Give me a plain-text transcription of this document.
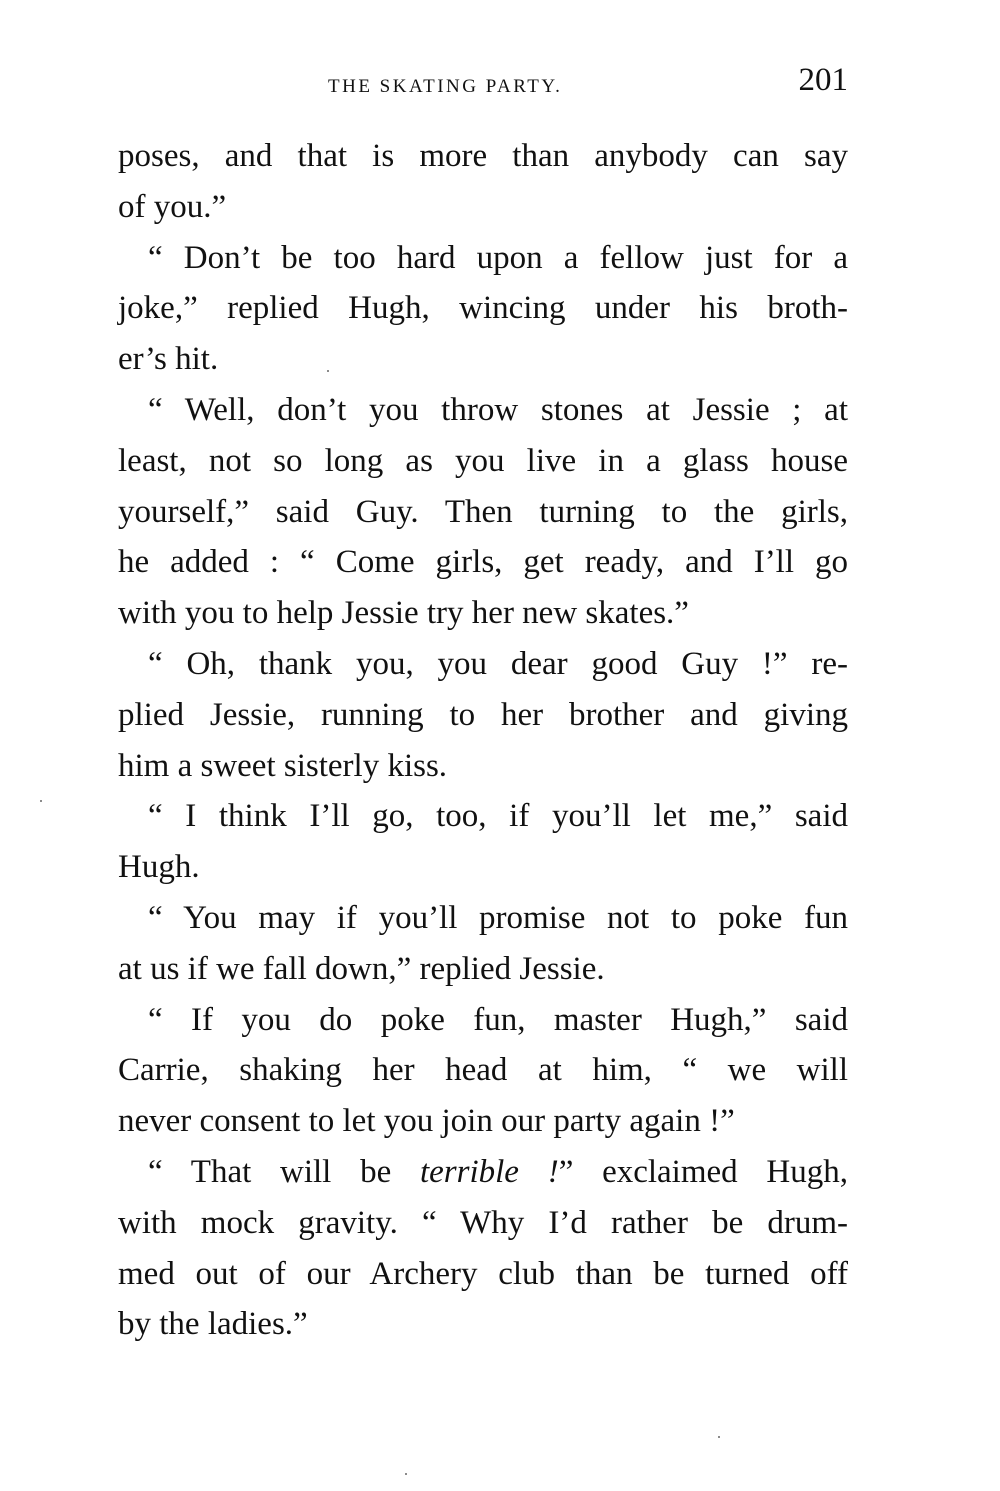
THE SKATING PARTY.	201
poses, and that is more than anybody can say
of you.”
“ Don’t be too hard upon a fellow just for a
joke,” replied Hugh, wincing under his broth-
er’s hit.
“ Well, don’t you throw stones at Jessie ; at
least, not so long as you live in a glass house
yourself,” said Guy. Then turning to the girls,
he added : “ Come girls, get ready, and I’ll go
with you to help Jessie try her new skates.”
“ Oh, thank you, you dear good Guy !” re-
plied Jessie, running to her brother and giving
him a sweet sisterly kiss.
“ I think I’ll go, too, if you’ll let me,” said
Hugh.
“ You may if you’ll promise not to poke fun
at us if we fall down,” replied Jessie.
“ If you do poke fun, master Hugh,” said
Carrie, shaking her head at him, “ we will
never consent to let you join our party again !”
“ That will be terrible !” exclaimed Hugh,
with mock gravity. “ Why I’d rather be drum-
med out of our Archery club than be turned off
by the ladies.”
